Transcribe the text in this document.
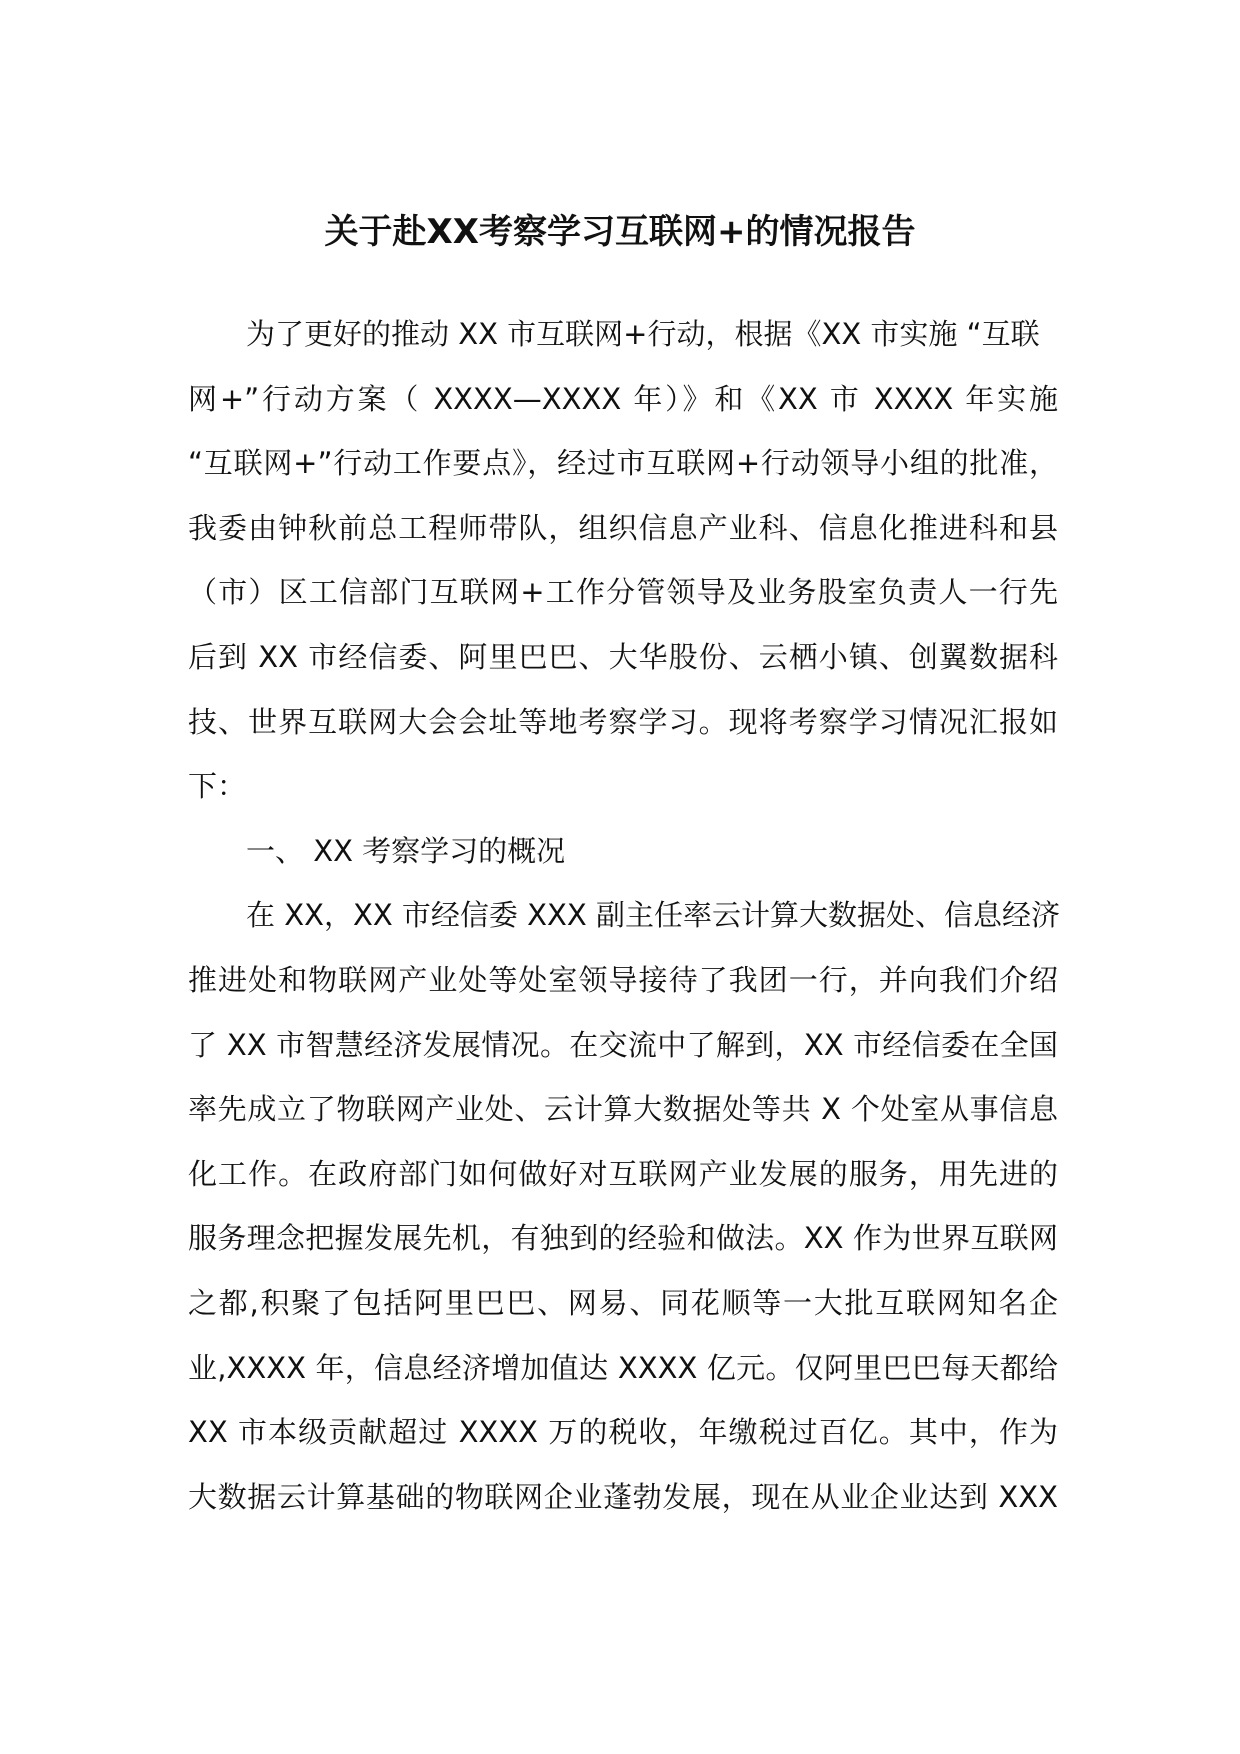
关于赴XX考察学习互联网+的情况报告
为了更好的推动 XX 市互联网+行动，根据《XX 市实施 “互联
网+”行动方案（ XXXX—XXXX 年）》和《XX 市 XXXX 年实施
“互联网+”行动工作要点》，经过市互联网+行动领导小组的批准，
我委由钟秋前总工程师带队，组织信息产业科、信息化推进科和县
（市）区工信部门互联网+工作分管领导及业务股室负责人一行先
后到 XX 市经信委、阿里巴巴、大华股份、云栖小镇、创翼数据科
技、世界互联网大会会址等地考察学习。现将考察学习情况汇报如
下：
一、 XX 考察学习的概况
在 XX，XX 市经信委 XXX 副主任率云计算大数据处、信息经济
推进处和物联网产业处等处室领导接待了我团一行，并向我们介绍
了 XX 市智慧经济发展情况。在交流中了解到，XX 市经信委在全国
率先成立了物联网产业处、云计算大数据处等共 X 个处室从事信息
化工作。在政府部门如何做好对互联网产业发展的服务，用先进的
服务理念把握发展先机，有独到的经验和做法。XX 作为世界互联网
之都,积聚了包括阿里巴巴、网易、同花顺等一大批互联网知名企
业,XXXX 年，信息经济增加值达 XXXX 亿元。仅阿里巴巴每天都给
XX 市本级贡献超过 XXXX 万的税收，年缴税过百亿。其中，作为
大数据云计算基础的物联网企业蓬勃发展，现在从业企业达到 XXX
